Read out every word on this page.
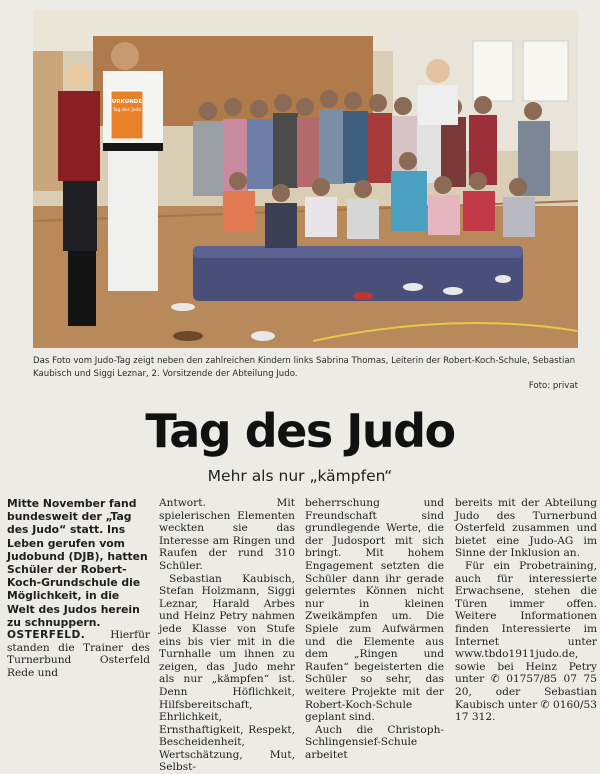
URKUNDE
Tag des Judo
Das Foto vom Judo-Tag zeigt neben den zahlreichen Kindern links Sabrina Thomas, Leiterin der Robert-Koch-Schule, Sebastian Kaubisch und Siggi Leznar, 2. Vorsitzende der Abteilung Judo.
Foto: privat
Tag des Judo

Mehr als nur „kämpfen“

Mitte November fand bundesweit der „Tag des Judo“ statt. Ins Leben gerufen vom Judobund (DJB), hatten Schüler der Robert-Koch-Grundschule die Möglichkeit, in die Welt des Judos herein zu schnuppern.

OSTERFELD. Hierfür standen die Trainer des Turnerbund Osterfeld Rede und

Antwort. Mit spielerischen Elementen weckten sie das Interesse am Ringen und Raufen der rund 310 Schüler.

Sebastian Kaubisch, Stefan Holzmann, Siggi Leznar, Harald Arbes und Heinz Petry nahmen jede Klasse von Stufe eins bis vier mit in die Turnhalle um ihnen zu zeigen, das Judo mehr als nur „kämpfen“ ist. Denn Höflichkeit, Hilfsbereitschaft, Ehrlichkeit, Ernsthaftigkeit, Respekt, Bescheidenheit, Wertschätzung, Mut, Selbst-

beherrschung und Freundschaft sind grundlegende Werte, die der Judosport mit sich bringt. Mit hohem Engagement setzten die Schüler dann ihr gerade gelerntes Können nicht nur in kleinen Zweikämpfen um. Die Spiele zum Aufwärmen und die Elemente aus dem „Ringen und Raufen“ begeisterten die Schüler so sehr, das weitere Projekte mit der Robert-Koch-Schule geplant sind.

Auch die Christoph-Schlingensief-Schule arbeitet

bereits mit der Abteilung Judo des Turnerbund Osterfeld zusammen und bietet eine Judo-AG im Sinne der Inklusion an.

Für ein Probetraining, auch für interessierte Erwachsene, stehen die Türen immer offen. Weitere Informationen finden Interessierte im Internet unter www.tbdo1911judo.de, sowie bei Heinz Petry unter ✆ 01757/85 07 75 20, oder Sebastian Kaubisch unter ✆ 0160/53 17 312.
